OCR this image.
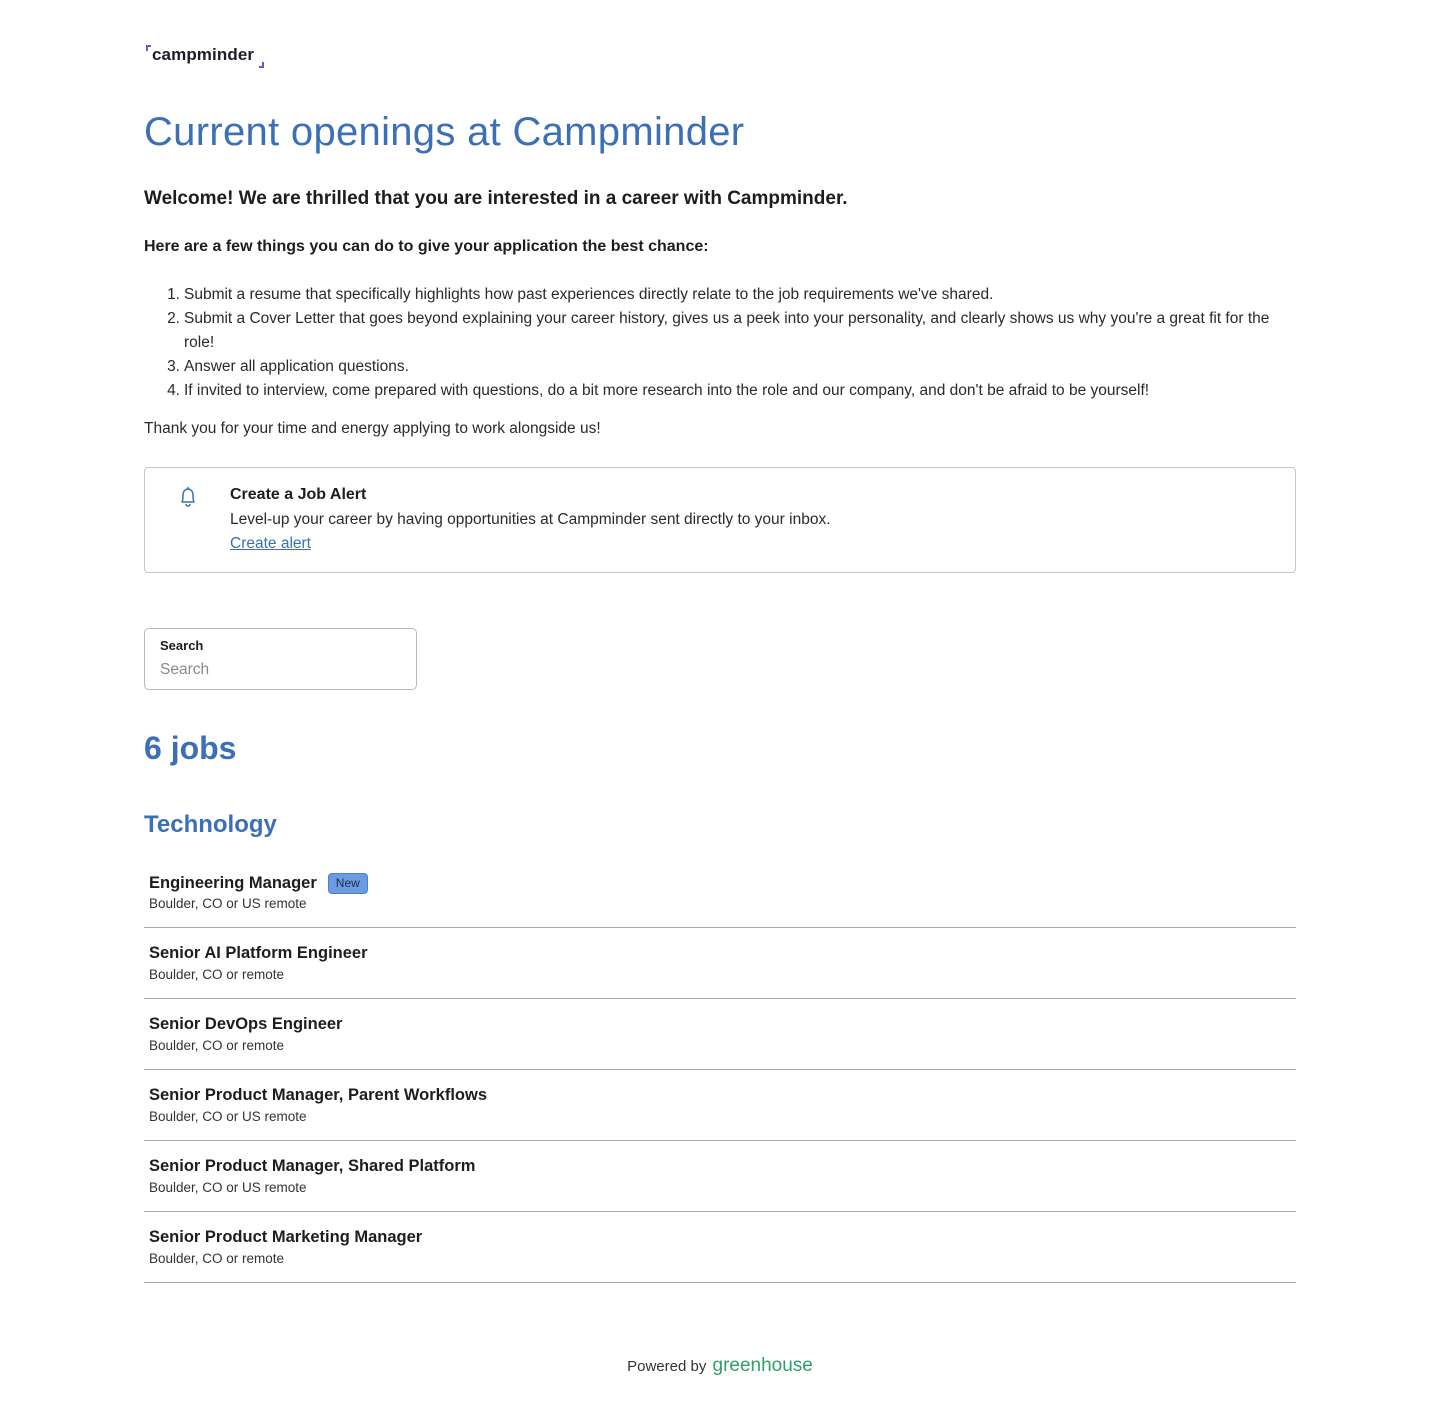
campminder
Current openings at Campminder

Welcome! We are thrilled that you are interested in a career with Campminder.

Here are a few things you can do to give your application the best chance:

1. Submit a resume that specifically highlights how past experiences directly relate to the job requirements we've shared.
2. Submit a Cover Letter that goes beyond explaining your career history, gives us a peek into your personality, and clearly shows us why you're a great fit for the role!
3. Answer all application questions.
4. If invited to interview, come prepared with questions, do a bit more research into the role and our company, and don't be afraid to be yourself!

Thank you for your time and energy applying to work alongside us!

Create a Job Alert
Level-up your career by having opportunities at Campminder sent directly to your inbox.
Create alert
Search
Search
6 jobs
Technology
Engineering Manager	New
Boulder, CO or US remote
Senior AI Platform Engineer
Boulder, CO or remote
Senior DevOps Engineer
Boulder, CO or remote
Senior Product Manager, Parent Workflows
Boulder, CO or US remote
Senior Product Manager, Shared Platform
Boulder, CO or US remote
Senior Product Marketing Manager
Boulder, CO or remote
Powered by greenhouse
